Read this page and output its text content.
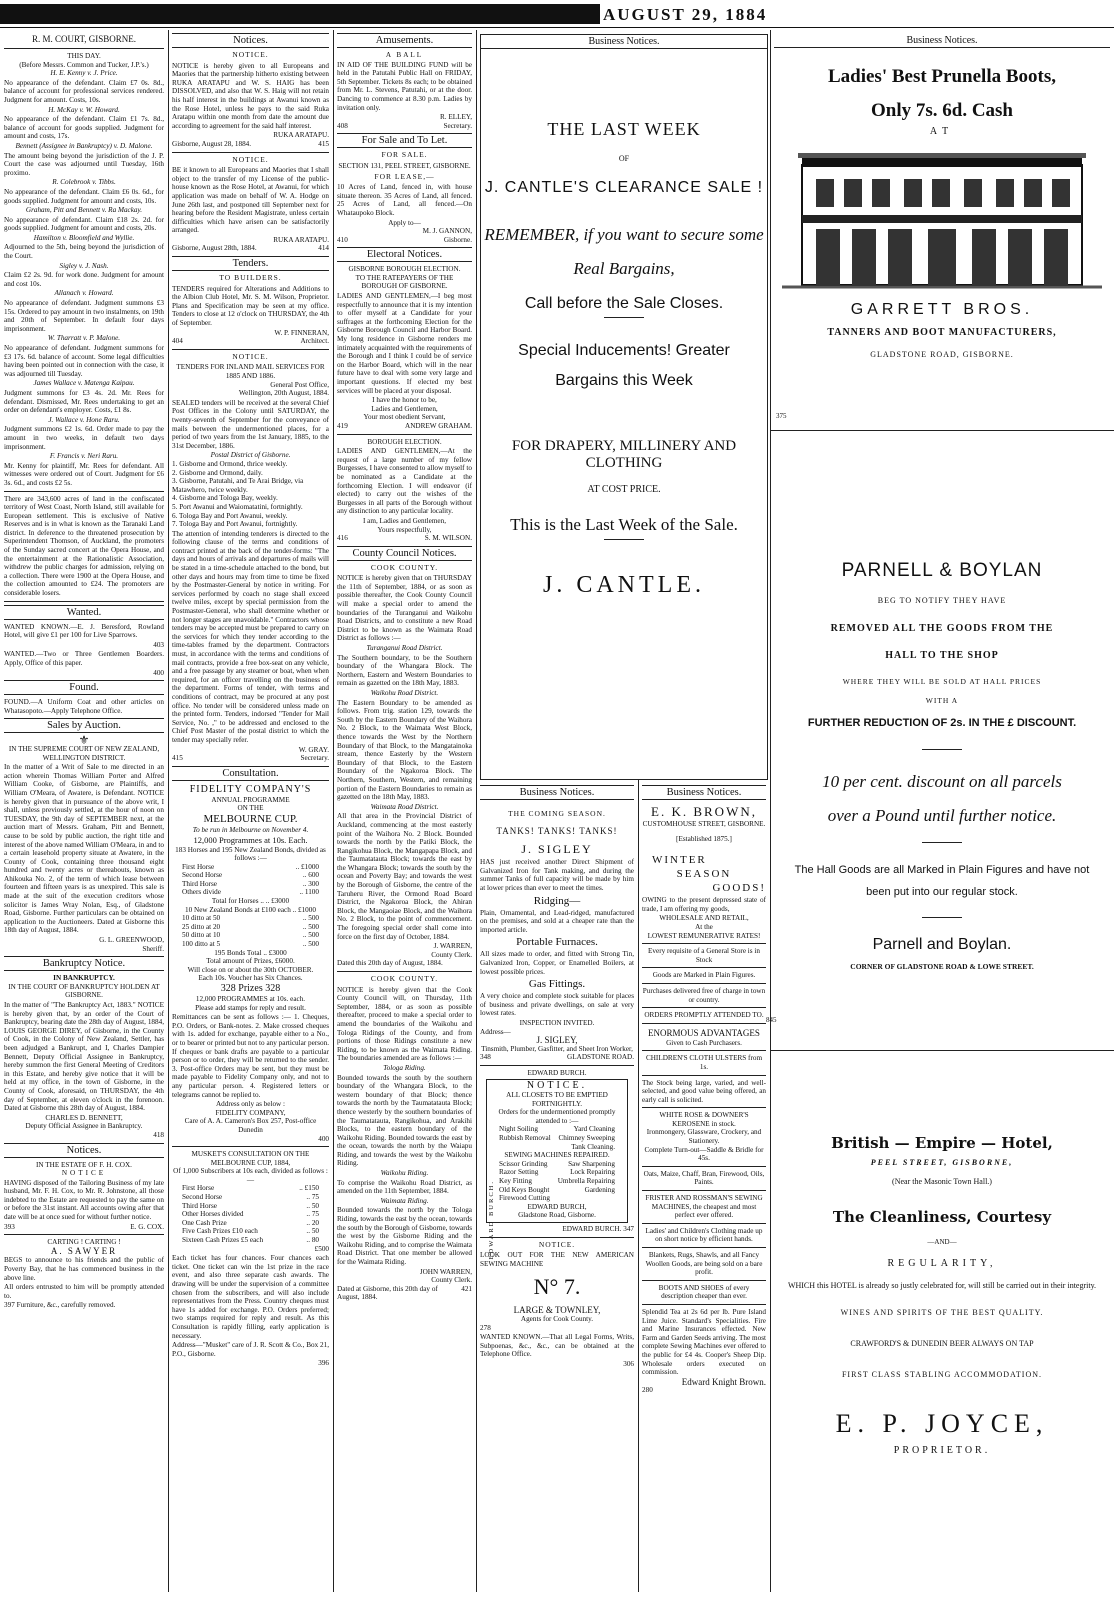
AUGUST 29, 1884
R. M. COURT, GISBORNE.
THIS DAY.
(Before Messrs. Common and Tucker, J.P.'s.)
H. E. Kenny v. J. Price.

No appearance of the defendant. Claim £7 0s. 8d., balance of account for professional services rendered. Judgment for amount. Costs, 10s.

H. McKay v. W. Howard.

No appearance of the defendant. Claim £1 7s. 8d., balance of account for goods supplied. Judgment for amount and costs, 17s.

Bennett (Assignee in Bankruptcy) v. D. Malone.

The amount being beyond the jurisdiction of the J. P. Court the case was adjourned until Tuesday, 16th proximo.

R. Colebrook v. Tibbs.

No appearance of the defendant. Claim £6 0s. 6d., for goods supplied. Judgment for amount and costs, 10s.

Graham, Pitt and Bennett v. Ra Mackay.

No appearance of defendant. Claim £18 2s. 2d. for goods supplied. Judgment for amount and costs, 20s.

Hamilton v. Bloomfield and Wyllie.

Adjourned to the 5th, being beyond the jurisdiction of the Court.

Sigley v. J. Nash.

Claim £2 2s. 9d. for work done. Judgment for amount and cost 10s.

Allanach v. Howard.

No appearance of defendant. Judgment summons £3 15s. Ordered to pay amount in two instalments, on 19th and 20th of September. In default four days imprisonment.

W. Tharratt v. P. Malone.

No appearance of defendant. Judgment summons for £3 17s. 6d. balance of account. Some legal difficulties having been pointed out in connection with the case, it was adjourned till Tuesday.

James Wallace v. Matenga Kaipau.

Judgment summons for £3 4s. 2d. Mr. Rees for defendant. Dismissed, Mr. Rees undertaking to get an order on defendant's employer. Costs, £1 8s.

J. Wallace v. Hone Raru.

Judgment summons £2 1s. 6d. Order made to pay the amount in two weeks, in default two days imprisonment.

F. Francis v. Neri Raru.

Mr. Kenny for plaintiff, Mr. Rees for defendant. All witnesses were ordered out of Court. Judgment for £6 3s. 6d., and costs £2 5s.

There are 343,600 acres of land in the confiscated territory of West Coast, North Island, still available for European settlement. This is exclusive of Native Reserves and is in what is known as the Taranaki Land district. In deference to the threatened prosecution by Superintendent Thomson, of Auckland, the promoters of the Sunday sacred concert at the Opera House, and the entertainment at the Rationalistic Association, withdrew the public charges for admission, relying on a collection. There were 1900 at the Opera House, and the collection amounted to £24. The promoters are considerable losers.

Wanted.

WANTED KNOWN.—E. J. Beresford, Rowland Hotel, will give £1 per 100 for Live Sparrows.

403

WANTED.—Two or Three Gentlemen Boarders. Apply, Office of this paper.

400
Found.

FOUND.—A Uniform Coat and other articles on Whatasopoto.—Apply Telephone Office.

Sales by Auction.
⚜
IN THE SUPREME COURT OF NEW ZEALAND,
WELLINGTON DISTRICT.

In the matter of a Writ of Sale to me directed in an action wherein Thomas William Porter and Alfred William Cooke, of Gisborne, are Plaintiffs, and William O'Meara, of Awatere, is Defendant. NOTICE is hereby given that in pursuance of the above writ, I shall, unless previously settled, at the hour of noon on TUESDAY, the 9th day of SEPTEMBER next, at the auction mart of Messrs. Graham, Pitt and Bennett, cause to be sold by public auction, the right title and interest of the above named William O'Meara, in and to a certain leasehold property situate at Awatere, in the County of Cook, containing three thousand eight hundred and twenty acres or thereabouts, known as Ahikouka No. 2, of the term of which lease between fourteen and fifteen years is as unexpired. This sale is made at the suit of the execution creditors whose solicitor is James Wray Nolan, Esq., of Gladstone Road, Gisborne. Further particulars can be obtained on application to the Auctioneers. Dated at Gisborne this 18th day of August, 1884.

G. L. GREENWOOD,
Sheriff.
Bankruptcy Notice.
IN BANKRUPTCY.
IN THE COURT OF BANKRUPTCY HOLDEN AT GISBORNE.

In the matter of "The Bankruptcy Act, 1883." NOTICE is hereby given that, by an order of the Court of Bankruptcy, bearing date the 28th day of August, 1884, LOUIS GEORGE DIREY, of Gisborne, in the County of Cook, in the Colony of New Zealand, Settler, has been adjudged a Bankrupt, and I, Charles Dampier Bennett, Deputy Official Assignee in Bankruptcy, hereby summon the first General Meeting of Creditors in this Estate, and hereby give notice that it will be held at my office, in the town of Gisborne, in the County of Cook, aforesaid, on THURSDAY, the 4th day of September, at eleven o'clock in the forenoon. Dated at Gisborne this 28th day of August, 1884.

CHARLES D. BENNETT,
Deputy Official Assignee in Bankruptcy.
418
Notices.
IN THE ESTATE OF F. H. COX.
NOTICE

HAVING disposed of the Tailoring Business of my late husband, Mr. F. H. Cox, to Mr. R. Johnstone, all those indebted to the Estate are requested to pay the same on or before the 31st instant. All accounts owing after that date will be at once sued for without further notice.

393	E. G. COX.
CARTING ! CARTING !
A. SAWYER

BEGS to announce to his friends and the public of Poverty Bay, that he has commenced business in the above line.

All orders entrusted to him will be promptly attended to.

397 Furniture, &c., carefully removed.
Notices.
NOTICE.

NOTICE is hereby given to all Europeans and Maories that the partnership hitherto existing between RUKA ARATAPU and W. S. HAIG has been DISSOLVED, and also that W. S. Haig will not retain his half interest in the buildings at Awanui known as the Rose Hotel, unless he pays to the said Ruka Aratapu within one month from date the amount due according to agreement for the said half interest.

RUKA ARATAPU.
Gisborne, August 28, 1884.	415
NOTICE.

BE it known to all Europeans and Maories that I shall object to the transfer of my License of the public-house known as the Rose Hotel, at Awanui, for which application was made on behalf of W. A. Hodge on June 26th last, and postponed till September next for hearing before the Resident Magistrate, unless certain difficulties which have arisen can be satisfactorily arranged.

RUKA ARATAPU.
Gisborne, August 28th, 1884.	414
Tenders.
TO BUILDERS.

TENDERS required for Alterations and Additions to the Albion Club Hotel, Mr. S. M. Wilson, Proprietor. Plans and Specification may be seen at my office. Tenders to close at 12 o'clock on THURSDAY, the 4th of September.

W. P. FINNERAN,
404	Architect.
NOTICE.
TENDERS FOR INLAND MAIL SERVICES FOR 1885 AND 1886.
General Post Office,
Wellington, 20th August, 1884.

SEALED tenders will be received at the several Chief Post Offices in the Colony until SATURDAY, the twenty-seventh of September for the conveyance of mails between the undermentioned places, for a period of two years from the 1st January, 1885, to the 31st December, 1886.

Postal District of Gisborne.
1. Gisborne and Ormond, thrice weekly.
2. Gisborne and Ormond, daily.
3. Gisborne, Patutahi, and Te Arai Bridge, via Matawhero, twice weekly.
4. Gisborne and Tologa Bay, weekly.
5. Port Awanui and Waiomatatini, fortnightly.
6. Tologa Bay and Port Awanui, weekly.
7. Tologa Bay and Port Awanui, fortnightly.

The attention of intending tenderers is directed to the following clause of the terms and conditions of contract printed at the back of the tender-forms: "The days and hours of arrivals and departures of mails will be stated in a time-schedule attached to the bond, but other days and hours may from time to time be fixed by the Postmaster-General by notice in writing. For services performed by coach no stage shall exceed twelve miles, except by special permission from the Postmaster-General, who shall determine whether or not longer stages are unavoidable." Contractors whose tenders may be accepted must be prepared to carry on the services for which they tender according to the time-tables framed by the department. Contractors must, in accordance with the terms and conditions of mail contracts, provide a free box-seat on any vehicle, and a free passage by any steamer or boat, when when required, for an officer travelling on the business of the department. Forms of tender, with terms and conditions of contract, may be procured at any post office. No tender will be considered unless made on the printed form. Tenders, indorsed "Tender for Mail Service, No. ," to be addressed and enclosed to the Chief Post Master of the postal district to which the tender may specially refer.

W. GRAY.
415	Secretary.
Consultation.
FIDELITY COMPANY'S
ANNUAL PROGRAMME
ON THE
MELBOURNE CUP.
To be run in Melbourne on November 4.
12,000 Programmes at 10s. Each.
183 Horses and 195 New Zealand Bonds, divided as follows :—
First Horse	.. £1000
Second Horse	.. 600
Third Horse	.. 300
Others divide	.. 1100
Total for Horses .. .. £3000
10 New Zealand Bonds at £100 each .. £1000
10 ditto at 50	.. 500
25 ditto at 20	.. 500
50 ditto at 10	.. 500
100 ditto at 5	.. 500
195 Bonds Total .. £3000
Total amount of Prizes, £6000.
Will close on or about the 30th OCTOBER.
Each 10s. Voucher has Six Chances.
328 Prizes 328
12,000 PROGRAMMES at 10s. each.
Please add stamps for reply and result.

Remittances can be sent as follows :— 1. Cheques, P.O. Orders, or Bank-notes. 2. Make crossed cheques with 1s. added for exchange, payable either to a No., or to bearer or printed but not to any particular person. If cheques or bank drafts are payable to a particular person or to order, they will be returned to the sender. 3. Post-office Orders may be sent, but they must be made payable to Fidelity Company only, and not to any particular person. 4. Registered letters or telegrams cannot be replied to.

Address only as below :
FIDELITY COMPANY,
Care of A. A. Cameron's Box 257, Post-office Dunedin
400
MUSKET'S CONSULTATION ON THE MELBOURNE CUP, 1884,
Of 1,000 Subscribers at 10s each, divided as follows :—
First Horse	.. £150
Second Horse	.. 75
Third Horse	.. 50
Other Horses divided	.. 75
One Cash Prize	.. 20
Five Cash Prizes £10 each	.. 50
Sixteen Cash Prizes £5 each	.. 80
£500

Each ticket has four chances. Four chances each ticket. One ticket can win the 1st prize in the race event, and also three separate cash awards. The drawing will be under the supervision of a committee chosen from the subscribers, and will also include representatives from the Press. Country cheques must have 1s added for exchange. P.O. Orders preferred; two stamps required for reply and result. As this Consultation is rapidly filling, early application is necessary.

Address—"Musket" care of J. R. Scott & Co., Box 21, P.O., Gisborne.

396
Amusements.
A BALL

IN AID OF THE BUILDING FUND will be held in the Patutahi Public Hall on FRIDAY, 5th September. Tickets 8s each; to be obtained from Mr. L. Stevens, Patutahi, or at the door. Dancing to commence at 8.30 p.m. Ladies by invitation only.

R. ELLEY,
408	Secretary.
For Sale and To Let.
FOR SALE.
SECTION 131, PEEL STREET, GISBORNE.
FOR LEASE,—

10 Acres of Land, fenced in, with house situate thereon. 35 Acres of Land, all fenced. 25 Acres of Land, all fenced.—On Whataupoko Block.

Apply to—
M. J. GANNON,
410	Gisborne.
Electoral Notices.
GISBORNE BOROUGH ELECTION.
TO THE RATEPAYERS OF THE BOROUGH OF GISBORNE.

LADIES AND GENTLEMEN,—I beg most respectfully to announce that it is my intention to offer myself at a Candidate for your suffrages at the forthcoming Election for the Gisborne Borough Council and Harbor Board. My long residence in Gisborne renders me intimately acquainted with the requirements of the Borough and I think I could be of service on the Harbor Board, which will in the near future have to deal with some very large and important questions. If elected my best services will be placed at your disposal.

I have the honor to be,
Ladies and Gentlemen,
Your most obedient Servant,
419	ANDREW GRAHAM.
BOROUGH ELECTION.

LADIES AND GENTLEMEN,—At the request of a large number of my fellow Burgesses, I have consented to allow myself to be nominated as a Candidate at the forthcoming Election. I will endeavor (if elected) to carry out the wishes of the Burgesses in all parts of the Borough without any distinction to any particular locality.

I am, Ladies and Gentlemen,
Yours respectfully,
416	S. M. WILSON.
County Council Notices.
COOK COUNTY.

NOTICE is hereby given that on THURSDAY the 11th of September, 1884, or as soon as possible thereafter, the Cook County Council will make a special order to amend the boundaries of the Turanganui and Waikohu Road Districts, and to constitute a new Road District to be known as the Waimata Road District as follows :—

Turanganui Road District.

The Southern boundary, to be the Southern boundary of the Whangara Block. The Northern, Eastern and Western Boundaries to remain as gazetted on the 18th May, 1883.

Waikohu Road District.

The Eastern Boundary to be amended as follows. From trig. station 129, towards the South by the Eastern Boundary of the Waihora No. 2 Block, to the Waimata West Block, thence towards the West by the Northern Boundary of that Block, to the Mangatainoka stream, thence Easterly by the Western Boundary of that Block, to the Eastern Boundary of the Ngakoroa Block. The Northern, Southern, Western, and remaining portion of the Eastern Boundaries to remain as gazetted on the 18th May, 1883.

Waimata Road District.

All that area in the Provincial District of Auckland, commencing at the most easterly point of the Waihora No. 2 Block. Bounded towards the north by the Patiki Block, the Rangikohua Block, the Mangapapa Block, and the Taumatatauta Block; towards the east by the Whangara Block; towards the south by the ocean and Poverty Bay; and towards the west by the Borough of Gisborne, the centre of the Taruheru River, the Ormond Road Board District, the Ngakoroa Block, the Ahiran Block, the Mangaoiae Block, and the Waihora No. 2 Block, to the point of commencement. The foregoing special order shall come into force on the first day of October, 1884.

J. WARREN,
County Clerk.
Dated this 20th day of August, 1884.
COOK COUNTY.

NOTICE is hereby given that the Cook County Council will, on Thursday, 11th September, 1884, or as soon as possible thereafter, proceed to make a special order to amend the boundaries of the Waikohu and Tologa Ridings of the County, and from portions of those Ridings constitute a new Riding, to be known as the Waimata Riding. The boundaries amended are as follows :—

Tologa Riding.

Bounded towards the south by the southern boundary of the Whangara Block, to the western boundary of that Block; thence towards the north by the Taumatatauta Block; thence westerly by the southern boundaries of the Taumatatauta, Rangikohua, and Arakihi Blocks, to the eastern boundary of the Waikohu Riding. Bounded towards the east by the ocean, towards the north by the Waiapu Riding, and towards the west by the Waikohu Riding.

Waikohu Riding.

To comprise the Waikohu Road District, as amended on the 11th September, 1884.

Waimata Riding.

Bounded towards the north by the Tologa Riding, towards the east by the ocean, towards the south by the Borough of Gisborne, towards the west by the Gisborne Riding and the Waikohu Riding, and to comprise the Waimata Road District. That one member be allowed for the Waimata Riding.

JOHN WARREN,
County Clerk.
Dated at Gisborne, this 20th day of August, 1884.
421
Business Notices.
THE LAST WEEK
OF
J. CANTLE'S CLEARANCE SALE !
REMEMBER, if you want to secure some
Real Bargains,
Call before the Sale Closes.
Special Inducements! Greater
Bargains this Week
FOR DRAPERY, MILLINERY AND CLOTHING
AT COST PRICE.
This is the Last Week of the Sale.
J. CANTLE.
Business Notices.
THE COMING SEASON.
TANKS! TANKS! TANKS!
J. SIGLEY

HAS just received another Direct Shipment of Galvanized Iron for Tank making, and during the summer Tanks of full capacity will be made by him at lower prices than ever to meet the times.

Ridging—

Plain, Ornamental, and Lead-ridged, manufactured on the premises, and sold at a cheaper rate than the imported article.

Portable Furnaces.

All sizes made to order, and fitted with Strong Tin, Galvanized Iron, Copper, or Enamelled Boilers, at lowest possible prices.

Gas Fittings.

A very choice and complete stock suitable for places of business and private dwellings, on sale at very lowest rates.

INSPECTION INVITED.
Address—
J. SIGLEY,
Tinsmith, Plumber, Gasfitter, and Sheet Iron Worker,
348	GLADSTONE ROAD.
EDWARD BURCH.
NOTICE.
ALL CLOSETS TO BE EMPTIED FORTNIGHTLY.
Orders for the undermentioned promptly attended to :—
Night Soiling	Yard Cleaning
Rubbish Removal Chimney Sweeping
Tank Cleaning.
SEWING MACHINES REPAIRED.
Scissor Grinding	Saw Sharpening
Razor Setting	Lock Repairing
Key Fitting	Umbrella Repairing
Old Keys Bought	Gardening
Firewood Cutting
EDWARD BURCH,
Gladstone Road, Gisborne.
EDWARD BURCH. 347
NOTICE.

LOOK OUT FOR THE NEW AMERICAN SEWING MACHINE

N° 7.
LARGE & TOWNLEY,
Agents for Cook County.
278

WANTED KNOWN.—That all Legal Forms, Writs, Subpoenas, &c., &c., can be obtained at the Telephone Office.

306
EDWARD BURCH.
Business Notices.
E. K. BROWN,
CUSTOMHOUSE STREET, GISBORNE.
[Established 1875.]
WINTER
SEASON
GOODS!

OWING to the present depressed state of trade, I am offering my goods,

WHOLESALE AND RETAIL,
At the
LOWEST REMUNERATIVE RATES!
Every requisite of a General Store is in Stock
Goods are Marked in Plain Figures.
Purchases delivered free of charge in town or country.
ORDERS PROMPTLY ATTENDED TO.
ENORMOUS ADVANTAGES
Given to Cash Purchasers.
CHILDREN'S CLOTH ULSTERS from 1s.

The Stock being large, varied, and well-selected, and good value being offered, an early call is solicited.

WHITE ROSE & DOWNER'S KEROSENE in stock.
Ironmongery, Glassware, Crockery, and Stationery.
Complete Turn-out—Saddle & Bridle for 45s.
Oats, Maize, Chaff, Bran, Firewood, Oils, Paints.
FRISTER AND ROSSMAN'S SEWING MACHINES, the cheapest and most perfect ever offered.
Ladies' and Children's Clothing made up on short notice by efficient hands.
Blankets, Rugs, Shawls, and all Fancy Woollen Goods, are being sold on a bare profit.
BOOTS AND SHOES of every description cheaper than ever.

Splendid Tea at 2s 6d per lb. Pure Island Lime Juice. Standard's Specialities. Fire and Marine Insurances effected. New Farm and Garden Seeds arriving. The most complete Sewing Machines ever offered to the public for £4 4s. Cooper's Sheep Dip. Wholesale orders executed on commission.

Edward Knight Brown.
280
Business Notices.
Ladies' Best Prunella Boots,
Only 7s. 6d. Cash
AT
GARRETT BROS.
TANNERS AND BOOT MANUFACTURERS,
GLADSTONE ROAD, GISBORNE.
375
PARNELL & BOYLAN
BEG TO NOTIFY THEY HAVE
REMOVED ALL THE GOODS FROM THE
HALL TO THE SHOP
WHERE THEY WILL BE SOLD AT HALL PRICES
WITH A
FURTHER REDUCTION OF 2s. IN THE £ DISCOUNT.
10 per cent. discount on all parcels
over a Pound until further notice.
The Hall Goods are all Marked in Plain Figures and have not been put into our regular stock.
Parnell and Boylan.
CORNER OF GLADSTONE ROAD & LOWE STREET.
845
British — Empire — Hotel,
PEEL STREET, GISBORNE,
(Near the Masonic Town Hall.)
The Cleanliness, Courtesy
—AND—
REGULARITY,
WHICH this HOTEL is already so justly celebrated for, will still be carried out in their integrity.
WINES AND SPIRITS OF THE BEST QUALITY.
CRAWFORD'S & DUNEDIN BEER ALWAYS ON TAP
FIRST CLASS STABLING ACCOMMODATION.
E. P. JOYCE,
PROPRIETOR.
